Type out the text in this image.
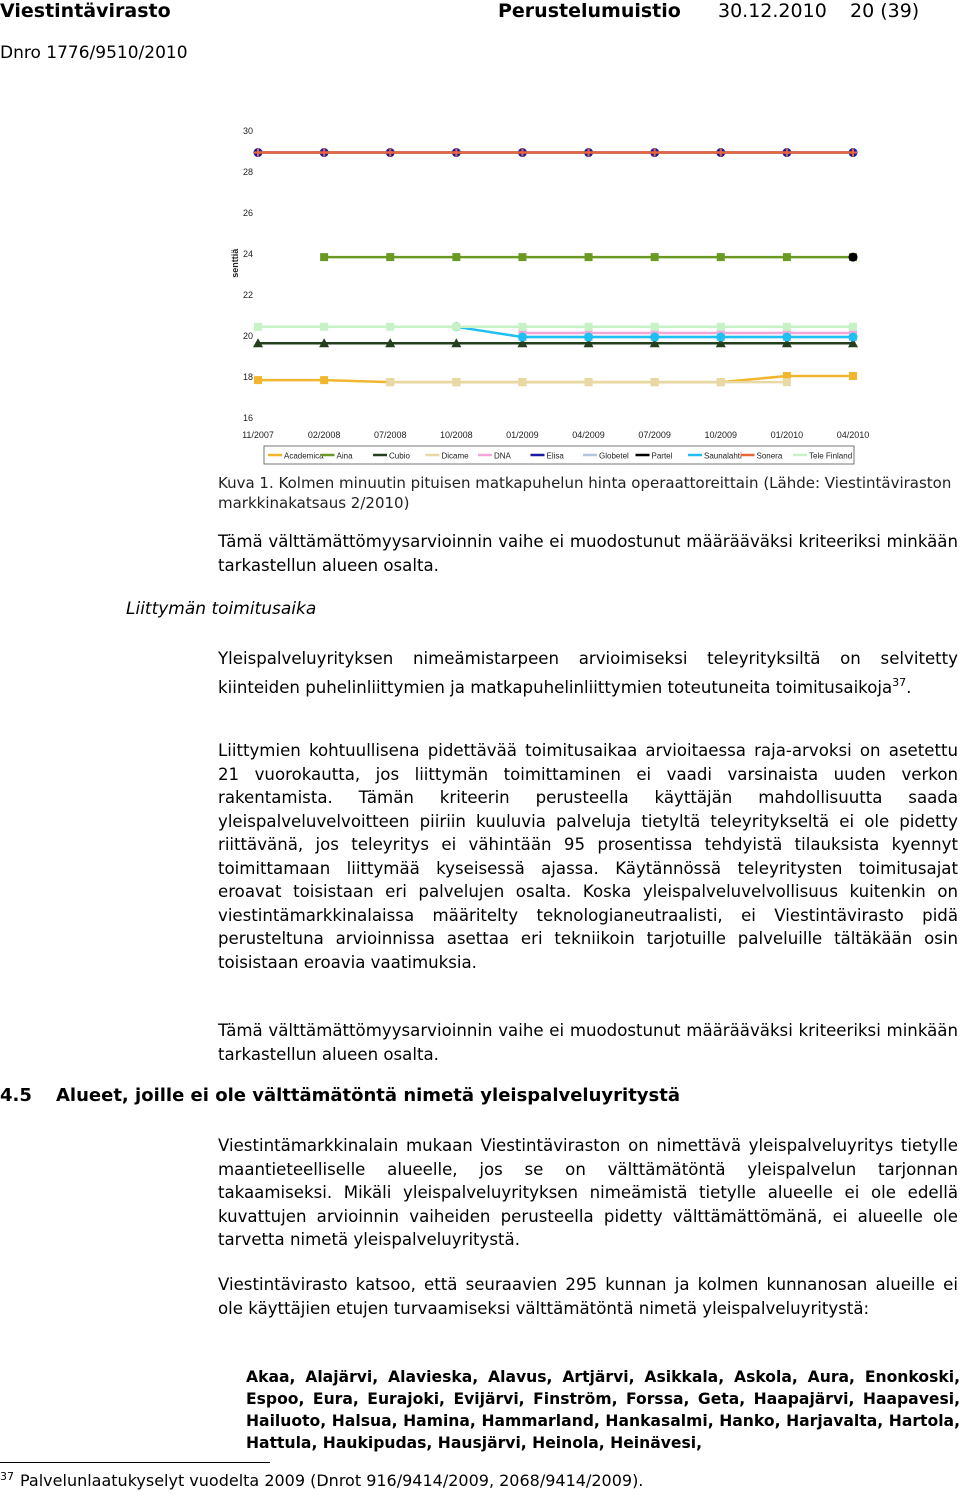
Viestintävirasto	Perustelumuistio 30.12.2010 20 (39)
Dnro 1776/9510/2010
16
18
20
22
24
26
28
30
senttiä
11/2007	02/2008	07/2008	10/2008	01/2009	04/2009	07/2009	10/2009	01/2010	04/2010
Academica Aina	Cubio	Dicame	DNA	Elisa	Globetel	Partel	Saunalahti Sonera	Tele Finland
Kuva 1. Kolmen minuutin pituisen matkapuhelun hinta operaattoreittain (Lähde: Viestintäviraston markkinakatsaus 2/2010)
Tämä välttämättömyysarvioinnin vaihe ei muodostunut määrääväksi kriteeriksi minkään tarkastellun alueen osalta.
Liittymän toimitusaika
Yleispalveluyrityksen nimeämistarpeen arvioimiseksi teleyrityksiltä on selvitetty kiinteiden puhelinliittymien ja matkapuhelinliittymien toteutuneita toimitusaikoja$^{37}$.
Liittymien kohtuullisena pidettävää toimitusaikaa arvioitaessa raja-arvoksi on asetettu 21 vuorokautta, jos liittymän toimittaminen ei vaadi varsinaista uuden verkon rakentamista. Tämän kriteerin perusteella käyttäjän mahdollisuutta saada yleispalveluvelvoitteen piiriin kuuluvia palveluja tietyltä teleyritykseltä ei ole pidetty riittävänä, jos teleyritys ei vähintään 95 prosentissa tehdyistä tilauksista kyennyt toimittamaan liittymää kyseisessä ajassa. Käytännössä teleyritysten toimitusajat eroavat toisistaan eri palvelujen osalta. Koska yleispalveluvelvollisuus kuitenkin on viestintämarkkinalaissa määritelty teknologianeutraalisti, ei Viestintävirasto pidä perusteltuna arvioinnissa asettaa eri tekniikoin tarjotuille palveluille tältäkään osin toisistaan eroavia vaatimuksia.
Tämä välttämättömyysarvioinnin vaihe ei muodostunut määrääväksi kriteeriksi minkään tarkastellun alueen osalta.
4.5 Alueet, joille ei ole välttämätöntä nimetä yleispalveluyritystä
Viestintämarkkinalain mukaan Viestintäviraston on nimettävä yleispalveluyritys tietylle maantieteelliselle alueelle, jos se on välttämätöntä yleispalvelun tarjonnan takaamiseksi. Mikäli yleispalveluyrityksen nimeämistä tietylle alueelle ei ole edellä kuvattujen arvioinnin vaiheiden perusteella pidetty välttämättömänä, ei alueelle ole tarvetta nimetä yleispalveluyritystä.
Viestintävirasto katsoo, että seuraavien 295 kunnan ja kolmen kunnanosan alueille ei ole käyttäjien etujen turvaamiseksi välttämätöntä nimetä yleispalveluyritystä:
Akaa, Alajärvi, Alavieska, Alavus, Artjärvi, Asikkala, Askola, Aura, Enonkoski, Espoo, Eura, Eurajoki, Evijärvi, Finström, Forssa, Geta, Haapajärvi, Haapavesi, Hailuoto, Halsua, Hamina, Hammarland, Hankasalmi, Hanko, Harjavalta, Hartola, Hattula, Haukipudas, Hausjärvi, Heinola, Heinävesi,
$^{37}$ Palvelunlaatukyselyt vuodelta 2009 (Dnrot 916/9414/2009, 2068/9414/2009).
